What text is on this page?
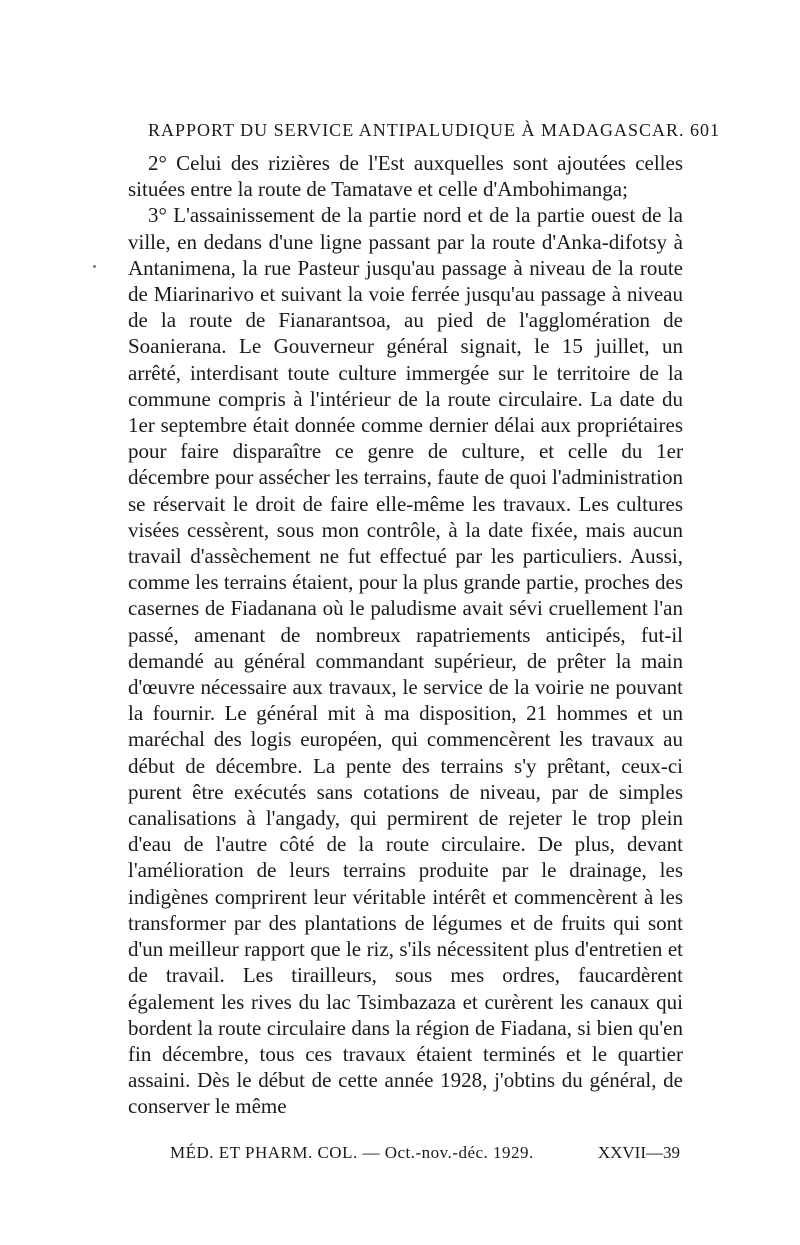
RAPPORT DU SERVICE ANTIPALUDIQUE À MADAGASCAR. 601

2° Celui des rizières de l'Est auxquelles sont ajoutées celles situées entre la route de Tamatave et celle d'Ambohimanga;

3° L'assainissement de la partie nord et de la partie ouest de la ville, en dedans d'une ligne passant par la route d'Anka-difotsy à Antanimena, la rue Pasteur jusqu'au passage à niveau de la route de Miarinarivo et suivant la voie ferrée jusqu'au passage à niveau de la route de Fianarantsoa, au pied de l'agglomération de Soanierana. Le Gouverneur général signait, le 15 juillet, un arrêté, interdisant toute culture immergée sur le territoire de la commune compris à l'intérieur de la route circulaire. La date du 1er septembre était donnée comme dernier délai aux propriétaires pour faire disparaître ce genre de culture, et celle du 1er décembre pour assécher les terrains, faute de quoi l'administration se réservait le droit de faire elle-même les travaux. Les cultures visées cessèrent, sous mon contrôle, à la date fixée, mais aucun travail d'assèchement ne fut effectué par les particuliers. Aussi, comme les terrains étaient, pour la plus grande partie, proches des casernes de Fiadanana où le paludisme avait sévi cruellement l'an passé, amenant de nombreux rapatriements anticipés, fut-il demandé au général commandant supérieur, de prêter la main d'œuvre nécessaire aux travaux, le service de la voirie ne pouvant la fournir. Le général mit à ma disposition, 21 hommes et un maréchal des logis européen, qui commencèrent les travaux au début de décembre. La pente des terrains s'y prêtant, ceux-ci purent être exécutés sans cotations de niveau, par de simples canalisations à l'angady, qui permirent de rejeter le trop plein d'eau de l'autre côté de la route circulaire. De plus, devant l'amélioration de leurs terrains produite par le drainage, les indigènes comprirent leur véritable intérêt et commencèrent à les transformer par des plantations de légumes et de fruits qui sont d'un meilleur rapport que le riz, s'ils nécessitent plus d'entretien et de travail. Les tirailleurs, sous mes ordres, faucardèrent également les rives du lac Tsimbazaza et curèrent les canaux qui bordent la route circulaire dans la région de Fiadana, si bien qu'en fin décembre, tous ces travaux étaient terminés et le quartier assaini. Dès le début de cette année 1928, j'obtins du général, de conserver le même

MÉD. ET PHARM. COL. — Oct.-nov.-déc. 1929.	XXVII—39
